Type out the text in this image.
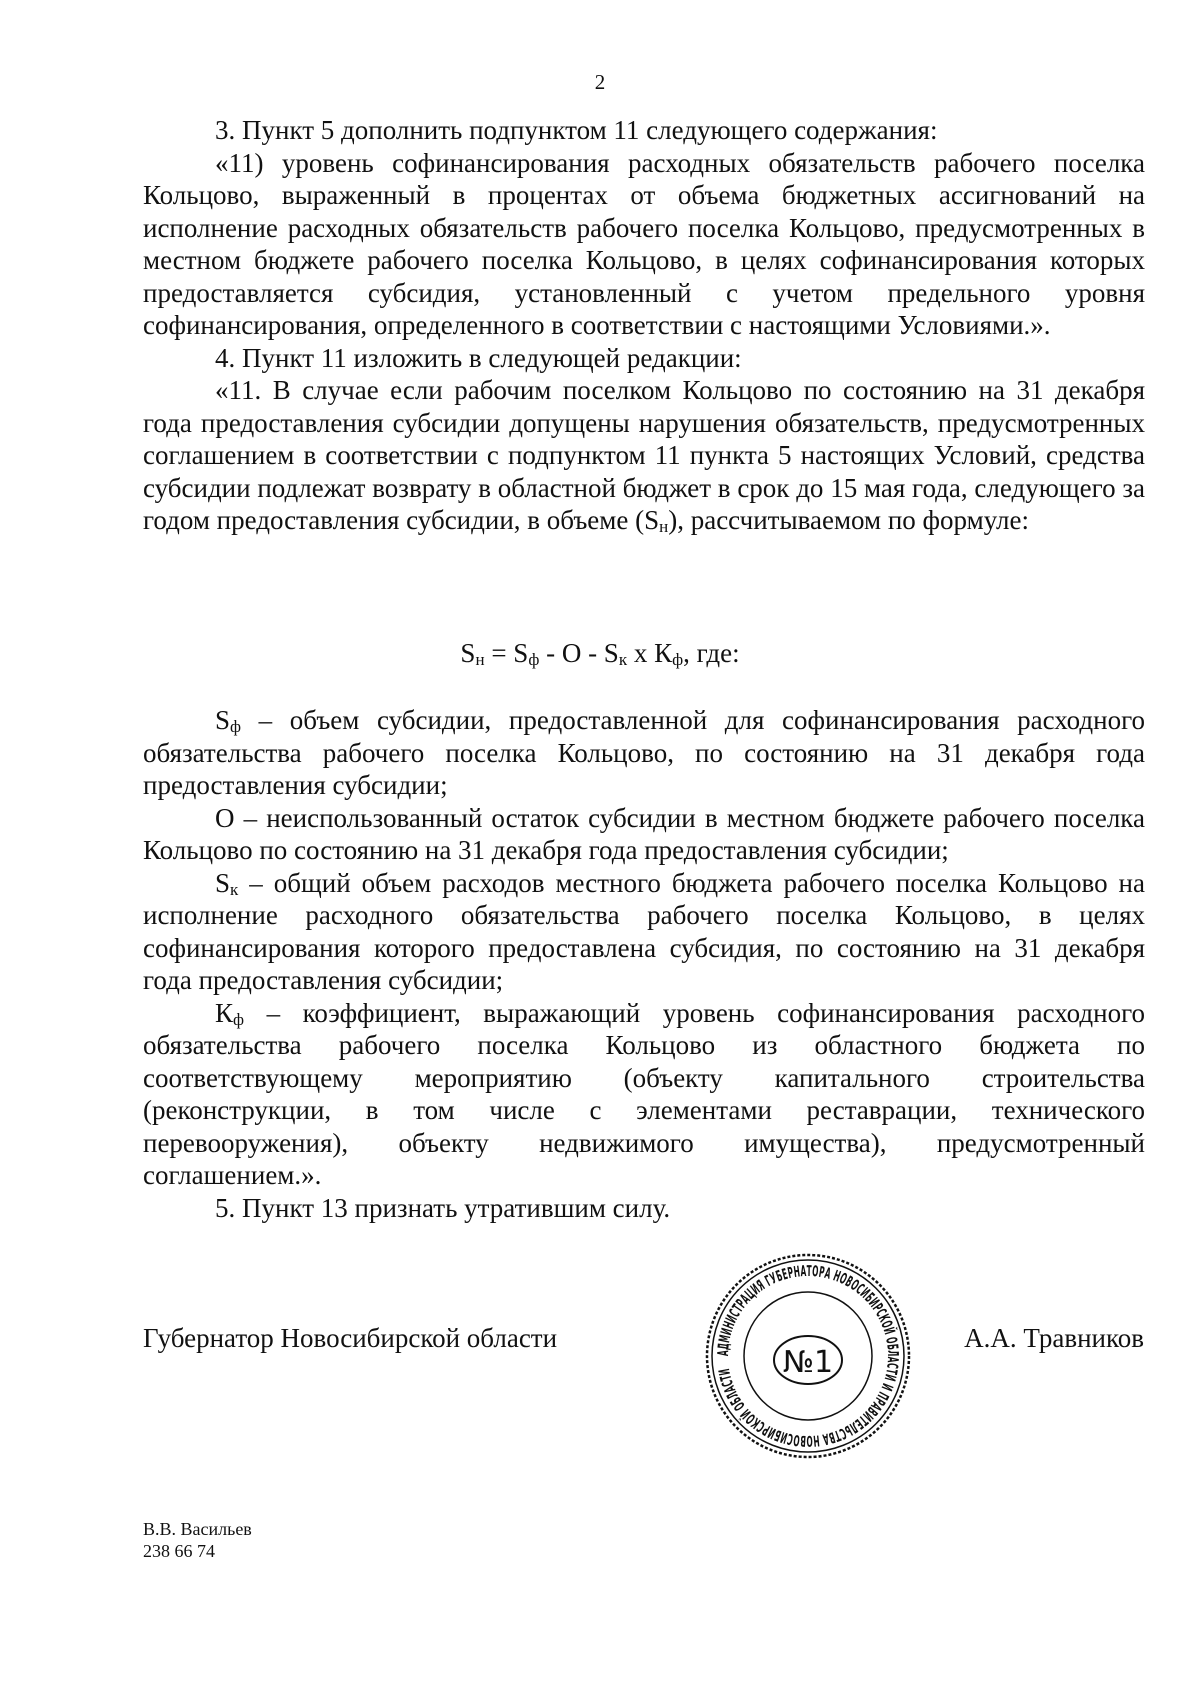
2

3. Пункт 5 дополнить подпунктом 11 следующего содержания:

«11) уровень софинансирования расходных обязательств рабочего поселка Кольцово, выраженный в процентах от объема бюджетных ассигнований на исполнение расходных обязательств рабочего поселка Кольцово, предусмотренных в местном бюджете рабочего поселка Кольцово, в целях софинансирования которых предоставляется субсидия, установленный с учетом предельного уровня софинансирования, определенного в соответствии с настоящими Условиями.».

4. Пункт 11 изложить в следующей редакции:

«11. В случае если рабочим поселком Кольцово по состоянию на 31 декабря года предоставления субсидии допущены нарушения обязательств, предусмотренных соглашением в соответствии с подпунктом 11 пункта 5 настоящих Условий, средства субсидии подлежат возврату в областной бюджет в срок до 15 мая года, следующего за годом предоставления субсидии, в объеме $(S_н)$, рассчитываемом по формуле:

$S_н = S_ф - О - S_к$ х $К_ф$, где:

$S_ф$ – объем субсидии, предоставленной для софинансирования расходного обязательства рабочего поселка Кольцово, по состоянию на 31 декабря года предоставления субсидии;

О – неиспользованный остаток субсидии в местном бюджете рабочего поселка Кольцово по состоянию на 31 декабря года предоставления субсидии;

$S_к$ – общий объем расходов местного бюджета рабочего поселка Кольцово на исполнение расходного обязательства рабочего поселка Кольцово, в целях софинансирования которого предоставлена субсидия, по состоянию на 31 декабря года предоставления субсидии;

$К_ф$ – коэффициент, выражающий уровень софинансирования расходного обязательства рабочего поселка Кольцово из областного бюджета по соответствующему мероприятию (объекту капитального строительства (реконструкции, в том числе с элементами реставрации, технического перевооружения), объекту недвижимого имущества), предусмотренный соглашением.».

5. Пункт 13 признать утратившим силу.

Губернатор Новосибирской области	АДМИНИСТРАЦИЯ ГУБЕРНАТОРА НОВОСИБИРСКОЙ ОБЛАСТИ И ПРАВИТЕЛЬСТВА НОВОСИБИРСКОЙ ОБЛАСТИ	№1
А.А. Травников
В.В. Васильев
238 66 74
